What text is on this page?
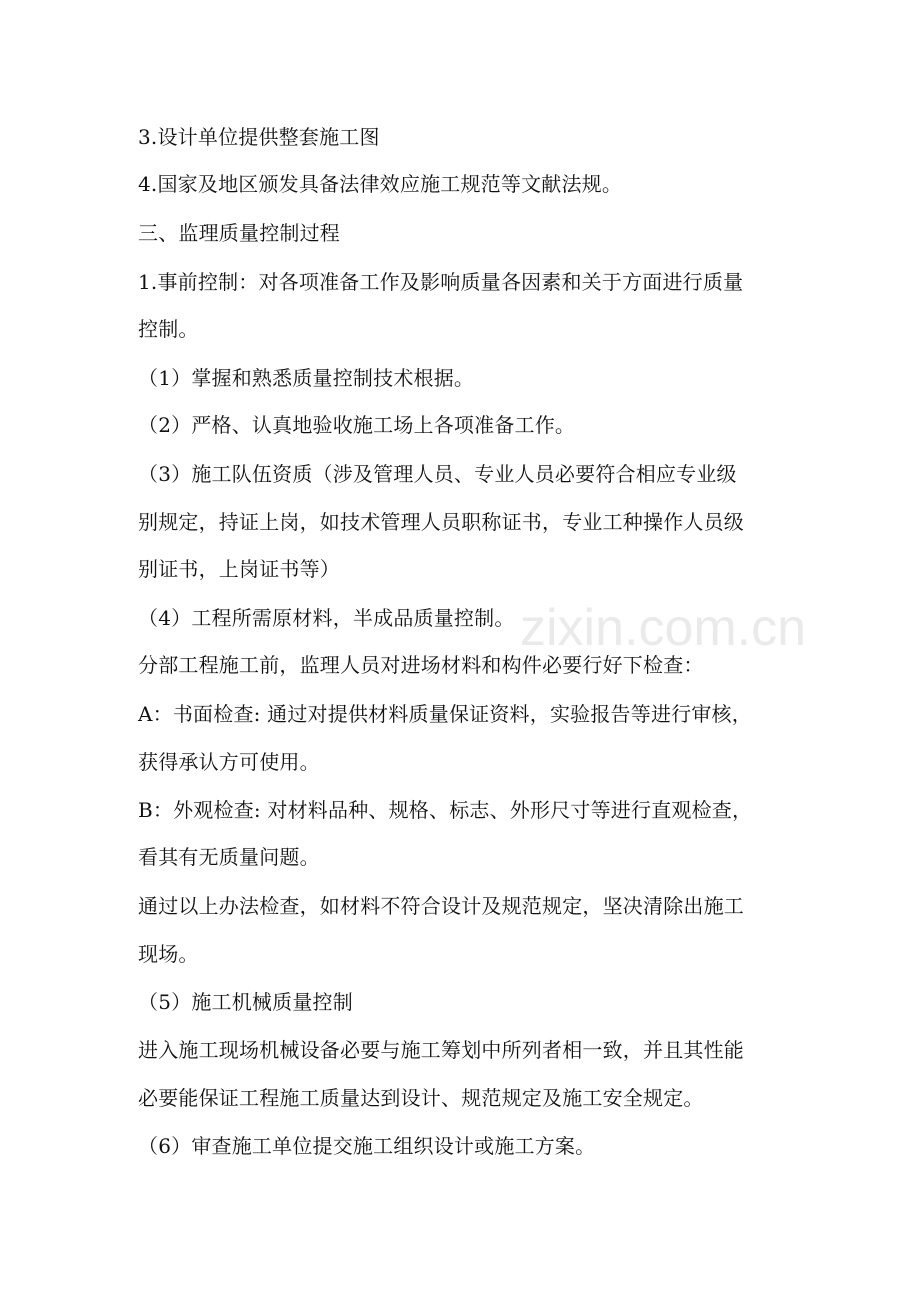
3.设计单位提供整套施工图
4.国家及地区颁发具备法律效应施工规范等文献法规。
三、监理质量控制过程
1.事前控制：对各项准备工作及影响质量各因素和关于方面进行质量
控制。
（1）掌握和熟悉质量控制技术根据。
（2）严格、认真地验收施工场上各项准备工作。
（3）施工队伍资质（涉及管理人员、专业人员必要符合相应专业级
别规定，持证上岗，如技术管理人员职称证书，专业工种操作人员级
别证书，上岗证书等）
（4）工程所需原材料，半成品质量控制。
分部工程施工前，监理人员对进场材料和构件必要行好下检查：
A：书面检查: 通过对提供材料质量保证资料，实验报告等进行审核，
获得承认方可使用。
B：外观检查: 对材料品种、规格、标志、外形尺寸等进行直观检查，
看其有无质量问题。
通过以上办法检查，如材料不符合设计及规范规定，坚决清除出施工
现场。
（5）施工机械质量控制
进入施工现场机械设备必要与施工筹划中所列者相一致，并且其性能
必要能保证工程施工质量达到设计、规范规定及施工安全规定。
（6）审查施工单位提交施工组织设计或施工方案。
zixin.com.cn
